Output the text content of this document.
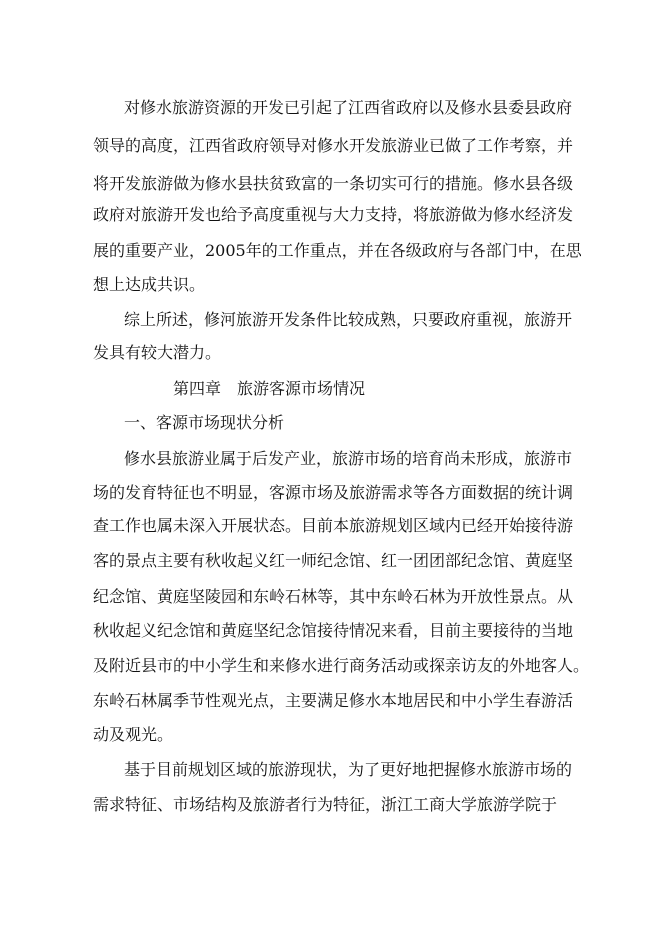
对修水旅游资源的开发已引起了江西省政府以及修水县委县政府
领导的高度，江西省政府领导对修水开发旅游业已做了工作考察，并
将开发旅游做为修水县扶贫致富的一条切实可行的措施。修水县各级
政府对旅游开发也给予高度重视与大力支持，将旅游做为修水经济发
展的重要产业，2005年的工作重点，并在各级政府与各部门中，在思
想上达成共识。
综上所述，修河旅游开发条件比较成熟，只要政府重视，旅游开
发具有较大潜力。
第四章　旅游客源市场情况
一、客源市场现状分析
修水县旅游业属于后发产业，旅游市场的培育尚未形成，旅游市
场的发育特征也不明显，客源市场及旅游需求等各方面数据的统计调
查工作也属未深入开展状态。目前本旅游规划区域内已经开始接待游
客的景点主要有秋收起义红一师纪念馆、红一团团部纪念馆、黄庭坚
纪念馆、黄庭坚陵园和东岭石林等，其中东岭石林为开放性景点。从
秋收起义纪念馆和黄庭坚纪念馆接待情况来看，目前主要接待的当地
及附近县市的中小学生和来修水进行商务活动或探亲访友的外地客人。
东岭石林属季节性观光点，主要满足修水本地居民和中小学生春游活
动及观光。
基于目前规划区域的旅游现状，为了更好地把握修水旅游市场的
需求特征、市场结构及旅游者行为特征，浙江工商大学旅游学院于
